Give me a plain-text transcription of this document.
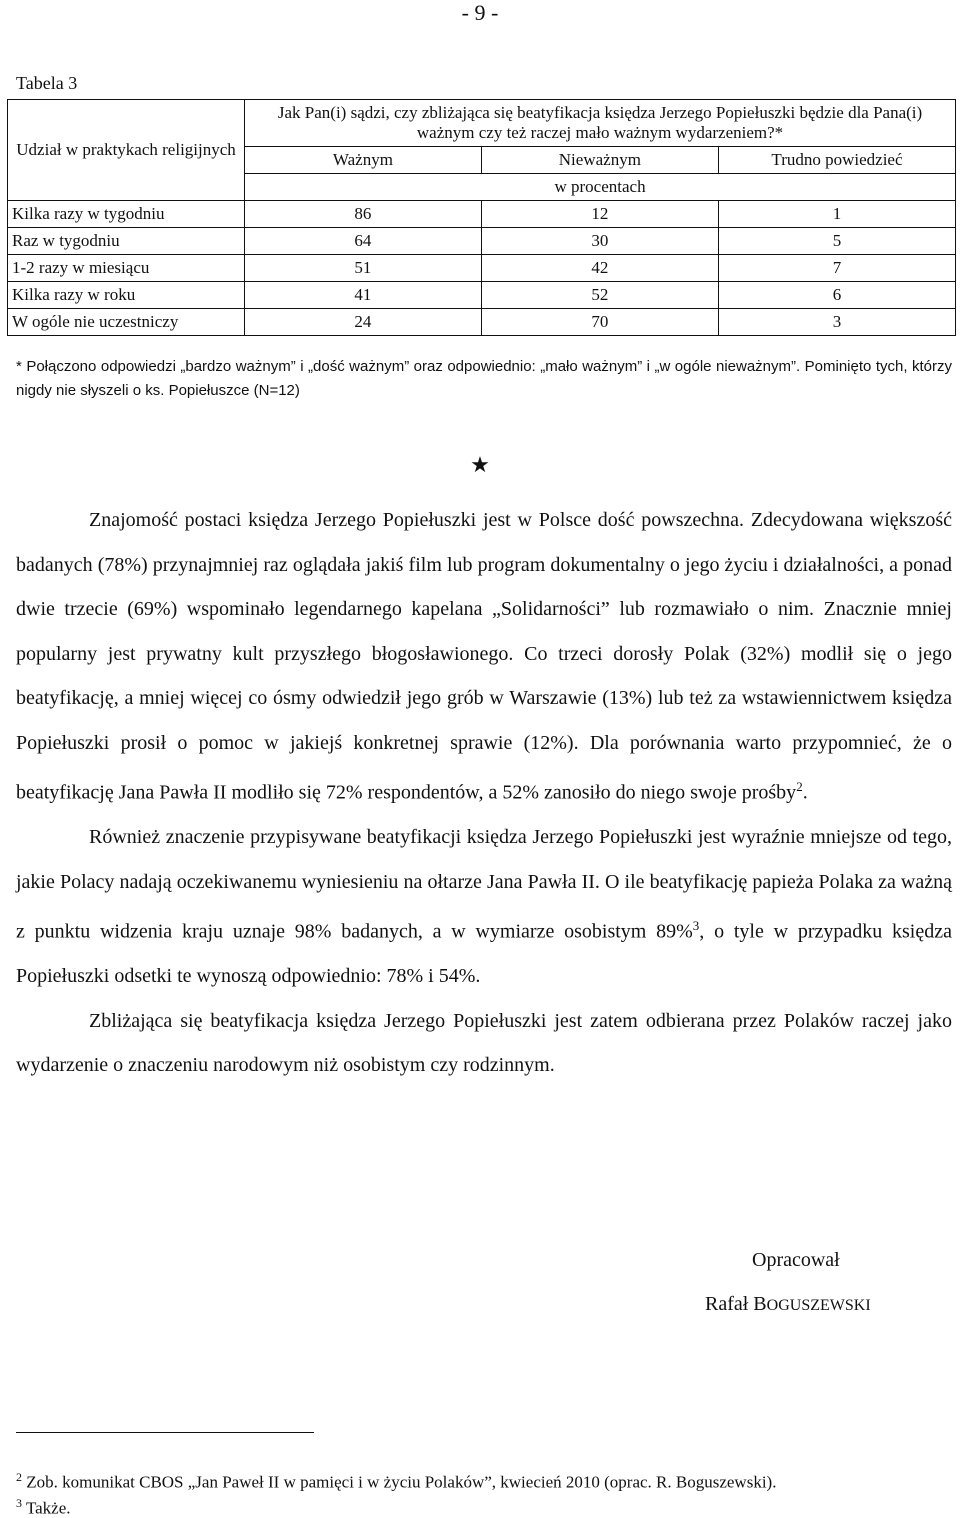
- 9 -
Tabela 3
Udział w praktykach religijnych	Jak Pan(i) sądzi, czy zbliżająca się beatyfikacja księdza Jerzego Popiełuszki będzie dla Pana(i) ważnym czy też raczej mało ważnym wydarzeniem?*		
	Ważnym	Nieważnym	Trudno powiedzieć
	w procentach		
Kilka razy w tygodniu	86	12	1
Raz w tygodniu	64	30	5
1-2 razy w miesiącu	51	42	7
Kilka razy w roku	41	52	6
W ogóle nie uczestniczy	24	70	3
* Połączono odpowiedzi „bardzo ważnym” i „dość ważnym” oraz odpowiednio: „mało ważnym” i „w ogóle nieważnym”. Pominięto tych, którzy nigdy nie słyszeli o ks. Popiełuszce (N=12)
★

Znajomość postaci księdza Jerzego Popiełuszki jest w Polsce dość powszechna. Zdecydowana większość badanych (78%) przynajmniej raz oglądała jakiś film lub program dokumentalny o jego życiu i działalności, a ponad dwie trzecie (69%) wspominało legendarnego kapelana „Solidarności” lub rozmawiało o nim. Znacznie mniej popularny jest prywatny kult przyszłego błogosławionego. Co trzeci dorosły Polak (32%) modlił się o jego beatyfikację, a mniej więcej co ósmy odwiedził jego grób w Warszawie (13%) lub też za wstawiennictwem księdza Popiełuszki prosił o pomoc w jakiejś konkretnej sprawie (12%). Dla porównania warto przypomnieć, że o beatyfikację Jana Pawła II modliło się 72% respondentów, a 52% zanosiło do niego swoje prośby$^2$.

Również znaczenie przypisywane beatyfikacji księdza Jerzego Popiełuszki jest wyraźnie mniejsze od tego, jakie Polacy nadają oczekiwanemu wyniesieniu na ołtarze Jana Pawła II. O ile beatyfikację papieża Polaka za ważną z punktu widzenia kraju uznaje 98% badanych, a w wymiarze osobistym 89%$^3$, o tyle w przypadku księdza Popiełuszki odsetki te wynoszą odpowiednio: 78% i 54%.

Zbliżająca się beatyfikacja księdza Jerzego Popiełuszki jest zatem odbierana przez Polaków raczej jako wydarzenie o znaczeniu narodowym niż osobistym czy rodzinnym.

Opracował
Rafał BOGUSZEWSKI
$^2$ Zob. komunikat CBOS „Jan Paweł II w pamięci i w życiu Polaków”, kwiecień 2010 (oprac. R. Boguszewski).
$^3$ Także.
